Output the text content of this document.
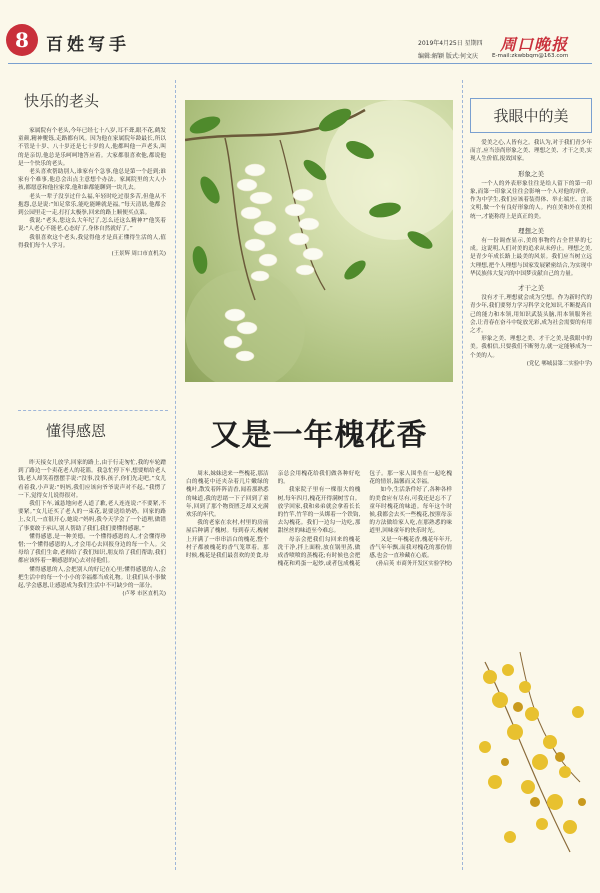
8	百姓写手	2019年4月25日 星期四
编辑:解颖 版式:何文庆
周口晚报
E-mail:zkwbbqm@163.com
快乐的老头

家属院有个老头,今年已经七十八岁,耳不聋,眼不花,鹤发童颜,精神矍铄,走路都有风。因为他在家属院年龄最长,所以不管是十岁、八十岁还是七十岁的人,他都叫他一声老头,叫的是亲切,他总是乐呵呵地答应着。大家都很喜欢他,都说他是一个快乐的老头。

老头喜欢帮助别人,谁家有个急事,他总是第一个赶到;谁家有个难事,他总会出点主意想个办法。家属院里的大人小孩,都愿意和他拉家常,他和谁都能聊到一块儿去。

老头一辈子没享过什么福,年轻时吃过很多苦,但他从不抱怨,总是说:“知足常乐,能吃能睡就是福。”每天清晨,他都会到公园里走一走,打打太极拳,回来的路上顺便买点菜。

我说:“老头,您这么大年纪了,怎么还这么精神?”他笑着说:“人老心不能老,心态好了,身体自然就好了。”

我很喜欢这个老头,我觉得他才是真正懂得生活的人,值得我们每个人学习。

(王景辉 周口市直机关)
懂得感恩

昨天接女儿放学,回家的路上,由于行走匆忙,我的车轮蹭到了路边一个卖花老人的花篮。我急忙停下车,想要赔给老人钱,老人却笑着摆摆手说:“没事,没事,孩子,你们先走吧。”女儿看着我,小声说:“妈妈,我们应该向爷爷说声对不起。”我愣了一下,觉得女儿说得很对。

我们下车,诚恳地向老人道了歉,老人连连说:“不要紧,不要紧。”女儿还买了老人的一束花,说要送给奶奶。回家的路上,女儿一直很开心,她说:“妈妈,我今天学会了一个道理,做错了事要敢于承认,别人帮助了我们,我们要懂得感谢。”

懂得感恩,是一种美德。一个懂得感恩的人,才会懂得珍惜;一个懂得感恩的人,才会用心去回报身边的每一个人。父母给了我们生命,老师给了我们知识,朋友给了我们帮助,我们都应该怀着一颗感恩的心去对待他们。

懂得感恩的人,会把别人的好记在心里;懂得感恩的人,会把生活中的每一个小小的幸福都当成礼物。让我们从小事做起,学会感恩,让感恩成为我们生活中不可缺少的一部分。

(卢琴 市区直机关)
又是一年槐花香

周末,妹妹送来一些槐花,那洁白的槐花中还夹杂着几片嫩绿的槐叶,散发着阵阵清香,闻着那熟悉的味道,我的思绪一下子回到了童年,回到了那个物资匮乏却又充满欢乐的年代。

我的老家在农村,村里的房前屋后种满了槐树。每到春天,槐树上开满了一串串洁白的槐花,整个村子都被槐花的香气笼罩着。那时候,槐花是我们最喜欢的美食,母亲总会用槐花给我们做各种好吃的。

我家院子里有一棵很大的槐树,每年四月,槐花开得满树雪白。放学回家,我和弟弟就会拿着长长的竹竿,竹竿的一头绑着一个铁钩,去勾槐花。我们一边勾一边吃,那甜丝丝的味道至今难忘。

母亲会把我们勾回来的槐花洗干净,拌上面粉,放在锅里蒸,做成香喷喷的蒸槐花;有时候也会把槐花和鸡蛋一起炒,或者包成槐花包子。那一家人围坐在一起吃槐花的情景,温馨而又幸福。

如今,生活条件好了,各种各样的美食应有尽有,可我还是忘不了童年时槐花的味道。每年这个时候,我都会去买一些槐花,按照母亲的方法做给家人吃,在那熟悉的味道里,回味童年的快乐时光。

又是一年槐花香,槐花年年开,香气年年飘,而我对槐花的那份情感,也会一直珍藏在心底。

(孙启英 市商务开发区实验学校)
我眼中的美

爱美之心,人皆有之。我认为,对于我们青少年而言,应当崇尚形象之美、理想之美、才干之美,实现人生价值,报效国家。

形象之美

一个人的外表形象往往是给人留下的第一印象,而第一印象又往往会影响一个人对他的评价。作为中学生,我们应该着装得体、举止端庄、言谈文明,做一个有良好形象的人。内在美和外在美相统一,才能称得上是真正的美。

理想之美

有一份调查显示,美的事物约占全世界的七成。这说明,人们对美的追求从未停止。理想之美,是青少年成长路上最美的风景。我们应当树立远大理想,把个人理想与国家发展紧密结合,为实现中华民族伟大复兴的中国梦贡献自己的力量。

才干之美

没有才干,理想就会成为空想。作为新时代的青少年,我们要努力学习科学文化知识,不断提高自己的能力和本领,用知识武装头脑,用本领服务社会,让青春在奋斗中绽放光彩,成为社会需要的有用之才。

形象之美、理想之美、才干之美,是我眼中的美。我相信,只要我们不断努力,就一定能够成为一个美的人。

(党亿 郸城县第二实验中学)
